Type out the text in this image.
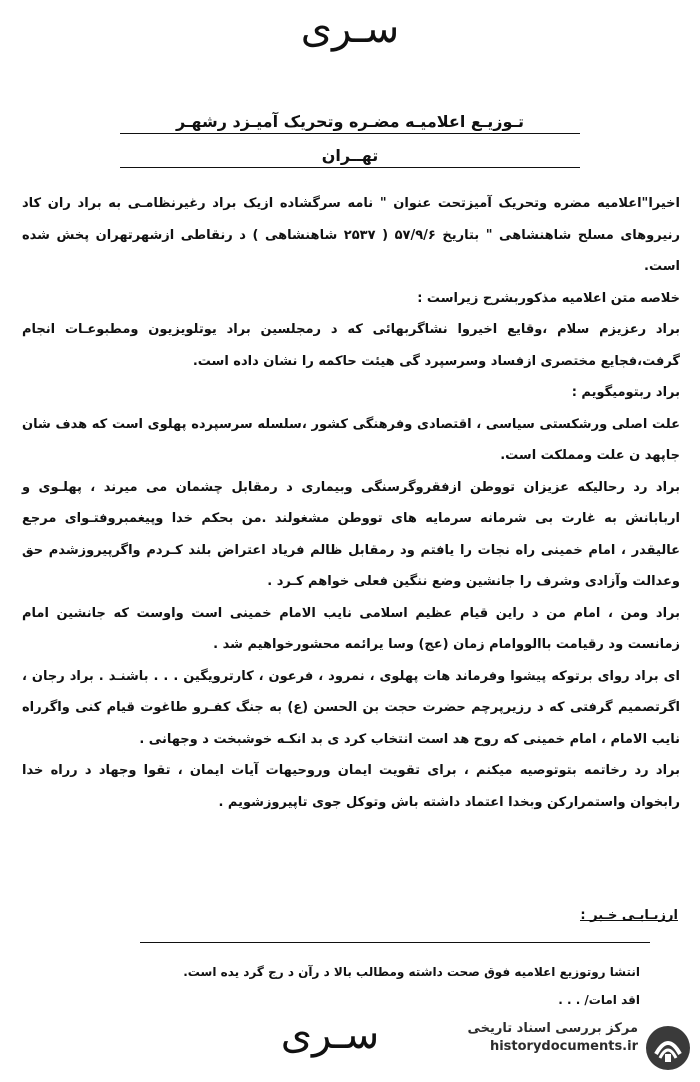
سـرى
تـوزيـع اعلاميـه مضـره وتحريک آميـزد رشهـر
تهــران

اخيرا"اعلاميه مضره وتحريک آميزتحت عنوان " نامه سرگشاده ازيک براد رغيرنظامـى به براد ران کاد رنيروهاى مسلح شاهنشاهى " بتاريخ ۵۷/۹/۶ ( ۲۵۳۷ شاهنشاهى ) د رنقاطى ازشهرتهران پخش شده است.

خلاصه متن اعلاميه مذکوربشرح زيراست :

براد رعزيزم سلام ،وقايع اخيروا نشاگربهائى که د رمجلسين براد يوتلويزيون ومطبوعـات انجام گرفت،فجايع مختصرى ازفساد وسرسپرد گى هيئت حاکمه را نشان داده است.

براد ربتوميگويم :

علت اصلى ورشکستى سياسى ، اقتصادى وفرهنگى کشور ،سلسله سرسپرده پهلوى است که هدف شان جاپهد ن علت ومملکت است.

براد رد رحاليکه عزيزان تووطن ازفقروگرسنگى وبيمارى د رمقابل چشمان مى ميرند ، پهلـوى و اربابانش به غارت بى شرمانه سرمايه هاى تووطن مشغولند .من بحکم خدا وپيغمبروفتـواى مرجع عاليقدر ، امام خمينى راه نجات را يافتم ود رمقابل ظالم فرياد اعتراض بلند کـردم واگرپيروزشدم حق وعدالت وآزادى وشرف را جانشين وضع ننگين فعلى خواهم کـرد .

براد ومن ، امام من د راين قيام عظيم اسلامى نايب الامام خمينى است واوست که جانشين امام زمانست ود رقيامت باالووامام زمان (عج) وسا يرائمه محشورخواهيم شد .

اى براد رواى برتوکه پيشوا وفرماند هات پهلوى ، نمرود ، فرعون ، کارترويگين . . . باشنـد . براد رجان ، اگرتصميم گرفتى که د رزيرپرچم حضرت حجت بن الحسن (ع) به جنگ کفـرو طاغوت قيام کنى واگرراه نايب الامام ، امام خمينى که روح هد است انتخاب کرد ى بد انکـه خوشبخت د وجهانى .

براد رد رخاتمه بتوتوصيه ميکنم ، براى تقويت ايمان وروحيهات آيات ايمان ، تقوا وجهاد د رراه خدا رابخوان واستمرارکن وبخدا اعتماد داشته باش وتوکل جوى تاپيروزشويم .

ارزيـابـى خـبر :
انتشا روتوزيع اعلاميه فوق صحت داشته ومطالب بالا د رآن د رج گرد يده است.
اقد امات/ . . .
سـرى	مرکز بررسی اسناد تاریخی
historydocuments.ir
